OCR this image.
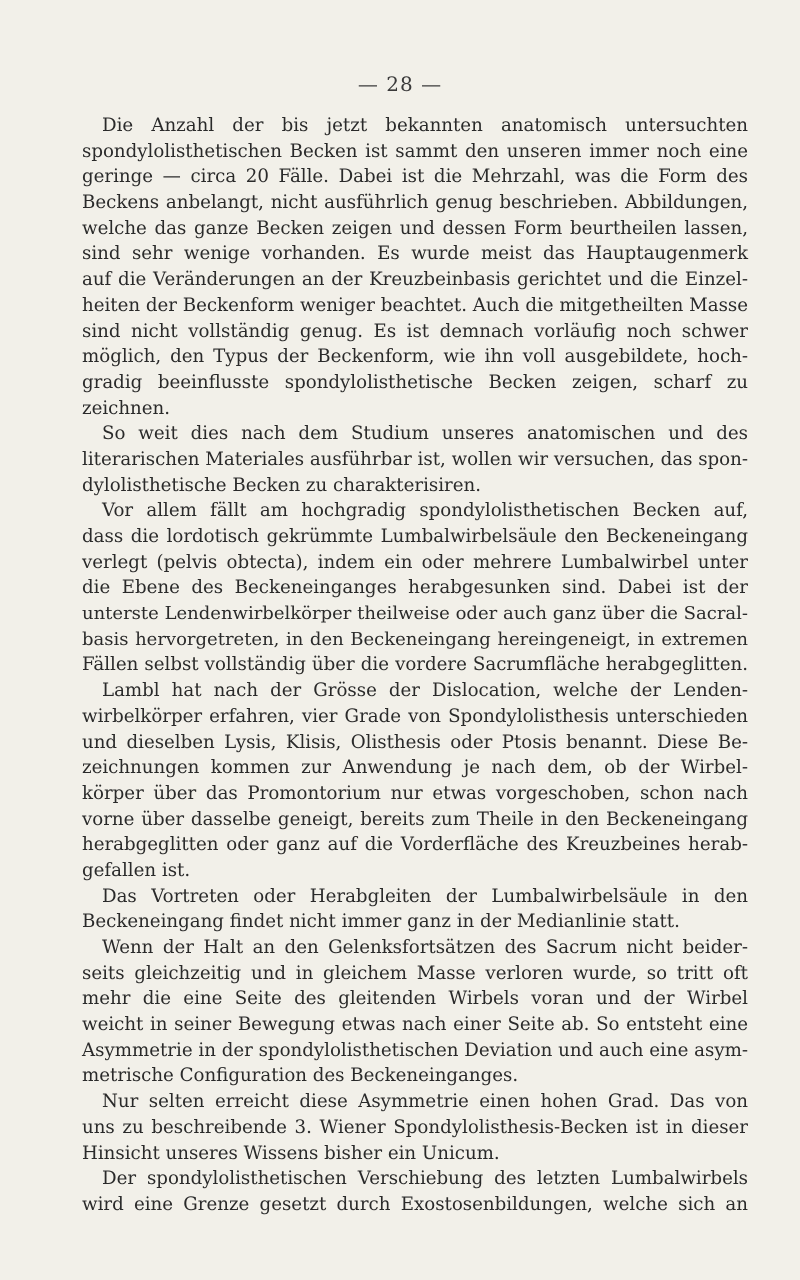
— 28 —
Die Anzahl der bis jetzt bekannten anatomisch untersuchten
spondylolisthetischen Becken ist sammt den unseren immer noch eine
geringe — circa 20 Fälle. Dabei ist die Mehrzahl, was die Form des
Beckens anbelangt, nicht ausführlich genug beschrieben. Abbildungen,
welche das ganze Becken zeigen und dessen Form beurtheilen lassen,
sind sehr wenige vorhanden. Es wurde meist das Hauptaugenmerk
auf die Veränderungen an der Kreuzbeinbasis gerichtet und die Einzel-
heiten der Beckenform weniger beachtet. Auch die mitgetheilten Masse
sind nicht vollständig genug. Es ist demnach vorläufig noch schwer
möglich, den Typus der Beckenform, wie ihn voll ausgebildete, hoch-
gradig beeinflusste spondylolisthetische Becken zeigen, scharf zu
zeichnen.
So weit dies nach dem Studium unseres anatomischen und des
literarischen Materiales ausführbar ist, wollen wir versuchen, das spon-
dylolisthetische Becken zu charakterisiren.
Vor allem fällt am hochgradig spondylolisthetischen Becken auf,
dass die lordotisch gekrümmte Lumbalwirbelsäule den Beckeneingang
verlegt (pelvis obtecta), indem ein oder mehrere Lumbalwirbel unter
die Ebene des Beckeneinganges herabgesunken sind. Dabei ist der
unterste Lendenwirbelkörper theilweise oder auch ganz über die Sacral-
basis hervorgetreten, in den Beckeneingang hereingeneigt, in extremen
Fällen selbst vollständig über die vordere Sacrumfläche herabgeglitten.
Lambl hat nach der Grösse der Dislocation, welche der Lenden-
wirbelkörper erfahren, vier Grade von Spondylolisthesis unterschieden
und dieselben Lysis, Klisis, Olisthesis oder Ptosis benannt. Diese Be-
zeichnungen kommen zur Anwendung je nach dem, ob der Wirbel-
körper über das Promontorium nur etwas vorgeschoben, schon nach
vorne über dasselbe geneigt, bereits zum Theile in den Beckeneingang
herabgeglitten oder ganz auf die Vorderfläche des Kreuzbeines herab-
gefallen ist.
Das Vortreten oder Herabgleiten der Lumbalwirbelsäule in den
Beckeneingang findet nicht immer ganz in der Medianlinie statt.
Wenn der Halt an den Gelenksfortsätzen des Sacrum nicht beider-
seits gleichzeitig und in gleichem Masse verloren wurde, so tritt oft
mehr die eine Seite des gleitenden Wirbels voran und der Wirbel
weicht in seiner Bewegung etwas nach einer Seite ab. So entsteht eine
Asymmetrie in der spondylolisthetischen Deviation und auch eine asym-
metrische Configuration des Beckeneinganges.
Nur selten erreicht diese Asymmetrie einen hohen Grad. Das von
uns zu beschreibende 3. Wiener Spondylolisthesis-Becken ist in dieser
Hinsicht unseres Wissens bisher ein Unicum.
Der spondylolisthetischen Verschiebung des letzten Lumbalwirbels
wird eine Grenze gesetzt durch Exostosenbildungen, welche sich an
